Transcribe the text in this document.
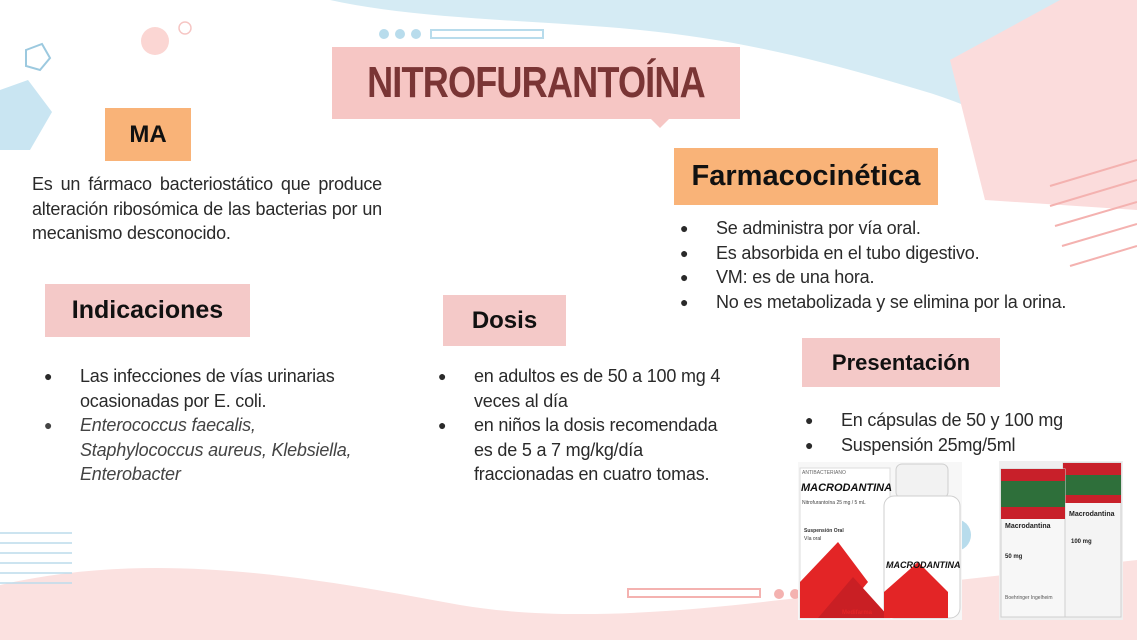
NITROFURANTOÍNA
MA
Es un fármaco bacteriostático que produce alteración ribosómica de las bacterias por un mecanismo desconocido.
Farmacocinética
● Se administra por vía oral.
● Es absorbida en el tubo digestivo.
● VM: es de una hora.
● No es metabolizada y se elimina por la orina.
Indicaciones
● Las infecciones de vías urinarias ocasionadas por E. coli.
● Enterococcus faecalis, Staphylococcus aureus, Klebsiella, Enterobacter
Dosis
● en adultos es de 50 a 100 mg 4 veces al día
● en niños la dosis recomendada es de 5 a 7 mg/kg/día fraccionadas en cuatro tomas.
Presentación
● En cápsulas de 50 y 100 mg
● Suspensión 25mg/5ml
ANTIBACTERIANO
MACRODANTINA
Nitrofurantoína 25 mg / 5 mL
Suspensión Oral
Vía oral
MACRODANTINA
Medifarma
Macrodantina
50 mg
Macrodantina
100 mg
Boehringer Ingelheim
